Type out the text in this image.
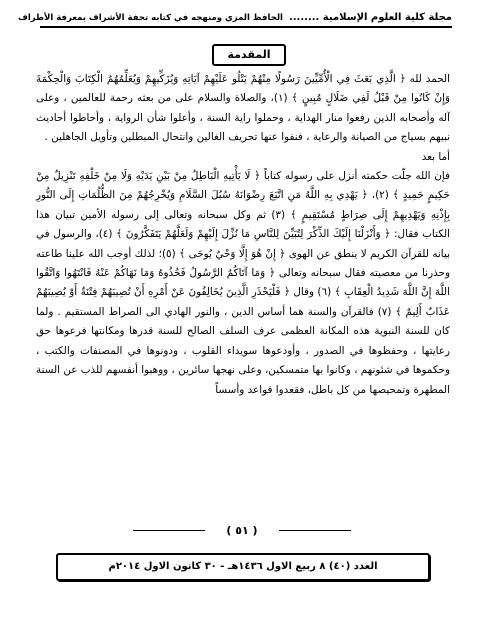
مجلة كلية العلوم الإسلامية ........
الحافظ المزي ومنهجه في كتابه تحفة الأشراف بمعرفة الأطراف
المقدمة

الحمد لله ﴿ الَّذِي بَعَثَ فِي الْأُمِّيِّينَ رَسُولًا مِنْهُمْ يَتْلُو عَلَيْهِمْ آيَاتِهِ وَيُزَكِّيهِمْ وَيُعَلِّمُهُمُ الْكِتَابَ وَالْحِكْمَةَ وَإِنْ كَانُوا مِنْ قَبْلُ لَفِي ضَلَالٍ مُبِينٍ ﴾ (١)، والصلاة والسلام على من بعثه رحمة للعالمين ، وعلى آله وأصحابه الذين رفعوا منار الهداية ، وحملوا راية السنة ، وأعلوا شأن الرواية ، وأحاطوا أحاديث نبيهم بسياج من الصيانة والرعاية ، فنفوا عنها تحريف الغالين وانتحال المبطلين وتأويل الجاهلين .

أما بعد

فإن الله جلّت حكمته أنزل على رسوله كتاباً ﴿ لَا يَأْتِيهِ الْبَاطِلُ مِنْ بَيْنِ يَدَيْهِ وَلَا مِنْ خَلْفِهِ تَنْزِيلٌ مِنْ حَكِيمٍ حَمِيدٍ ﴾ (٢)، ﴿ يَهْدِي بِهِ اللَّهُ مَنِ اتَّبَعَ رِضْوَانَهُ سُبُلَ السَّلَامِ وَيُخْرِجُهُمْ مِنَ الظُّلُمَاتِ إِلَى النُّورِ بِإِذْنِهِ وَيَهْدِيهِمْ إِلَى صِرَاطٍ مُسْتَقِيمٍ ﴾ (٣) ثم وكل سبحانه وتعالى إلى رسوله الأمين تبيان هذا الكتاب فقال: ﴿ وَأَنْزَلْنَا إِلَيْكَ الذِّكْرَ لِتُبَيِّنَ لِلنَّاسِ مَا نُزِّلَ إِلَيْهِمْ وَلَعَلَّهُمْ يَتَفَكَّرُونَ ﴾ (٤)، والرسول في بيانه للقرآن الكريم لا ينطق عن الهوى ﴿ إِنْ هُوَ إِلَّا وَحْيٌ يُوحَى ﴾ (٥)؛ لذلك أوجب الله علينا طاعته وحذرنا من معصيته فقال سبحانه وتعالى ﴿ وَمَا آتَاكُمُ الرَّسُولُ فَخُذُوهُ وَمَا نَهَاكُمْ عَنْهُ فَانْتَهُوا وَاتَّقُوا اللَّهَ إِنَّ اللَّهَ شَدِيدُ الْعِقَابِ ﴾ (٦) وقال ﴿ فَلْيَحْذَرِ الَّذِينَ يُخَالِفُونَ عَنْ أَمْرِهِ أَنْ تُصِيبَهُمْ فِتْنَةٌ أَوْ يُصِيبَهُمْ عَذَابٌ أَلِيمٌ ﴾ (٧) فالقرآن والسنة هما أساس الدين ، والنور الهادي الى الصراط المستقيم . ولما كان للسنة النبوية هذه المكانة العظمى عرف السلف الصالح للسنة قدرها ومكانتها فرعوها حق رعايتها ، وحفظوها في الصدور ، وأودعوها سويداء القلوب ، ودونوها في المصنفات والكتب ، وحكموها في شئونهم ، وكانوا بها متمسكين، وعلى نهجها سائرين ، ووهبوا أنفسهم للذب عن السنة المطهرة وتمحيصها من كل باطل، فقعدوا قواعد وأسساً

( ٥١ )
العدد (٤٠) ٨ ربيع الاول ١٤٣٦هـ - ٣٠ كانون الاول ٢٠١٤م
